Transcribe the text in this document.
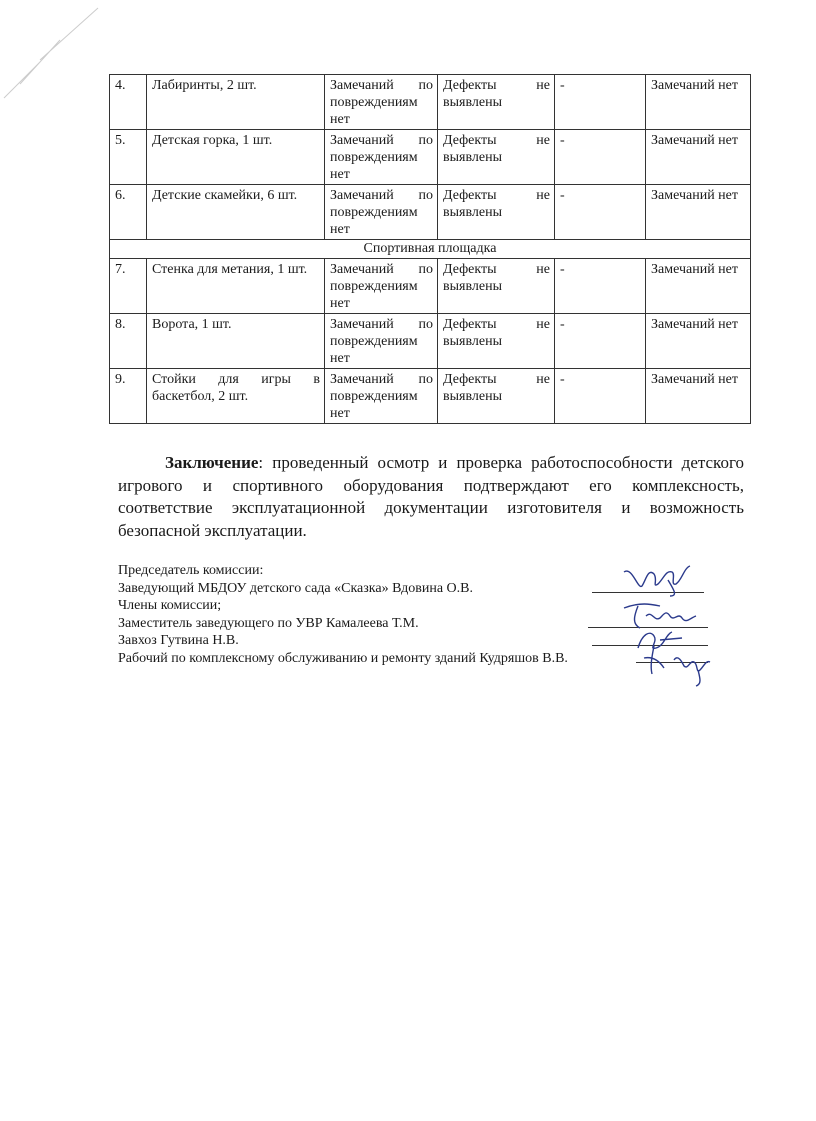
4.	Лабиринты, 2 шт.	Замечаний по повреждениям нет	Дефекты не выявлены	-	Замечаний нет
5.	Детская горка, 1 шт.	Замечаний по повреждениям нет	Дефекты не выявлены	-	Замечаний нет
6.	Детские скамейки, 6 шт.	Замечаний по повреждениям нет	Дефекты не выявлены	-	Замечаний нет
Спортивная площадка					
7.	Стенка для метания, 1 шт.	Замечаний по повреждениям нет	Дефекты не выявлены	-	Замечаний нет
8.	Ворота, 1 шт.	Замечаний по повреждениям нет	Дефекты не выявлены	-	Замечаний нет
9.	Стойки для игры в баскетбол, 2 шт.	Замечаний по повреждениям нет	Дефекты не выявлены	-	Замечаний нет

Заключение: проведенный осмотр и проверка работоспособности детского игрового и спортивного оборудования подтверждают его комплексность, соответствие эксплуатационной документации изготовителя и возможность безопасной эксплуатации.

Председатель комиссии:
Заведующий МБДОУ детского сада «Сказка» Вдовина О.В.
Члены комиссии;
Заместитель заведующего по УВР Камалеева Т.М.
Завхоз Гутвина Н.В.
Рабочий по комплексному обслуживанию и ремонту зданий Кудряшов В.В.
